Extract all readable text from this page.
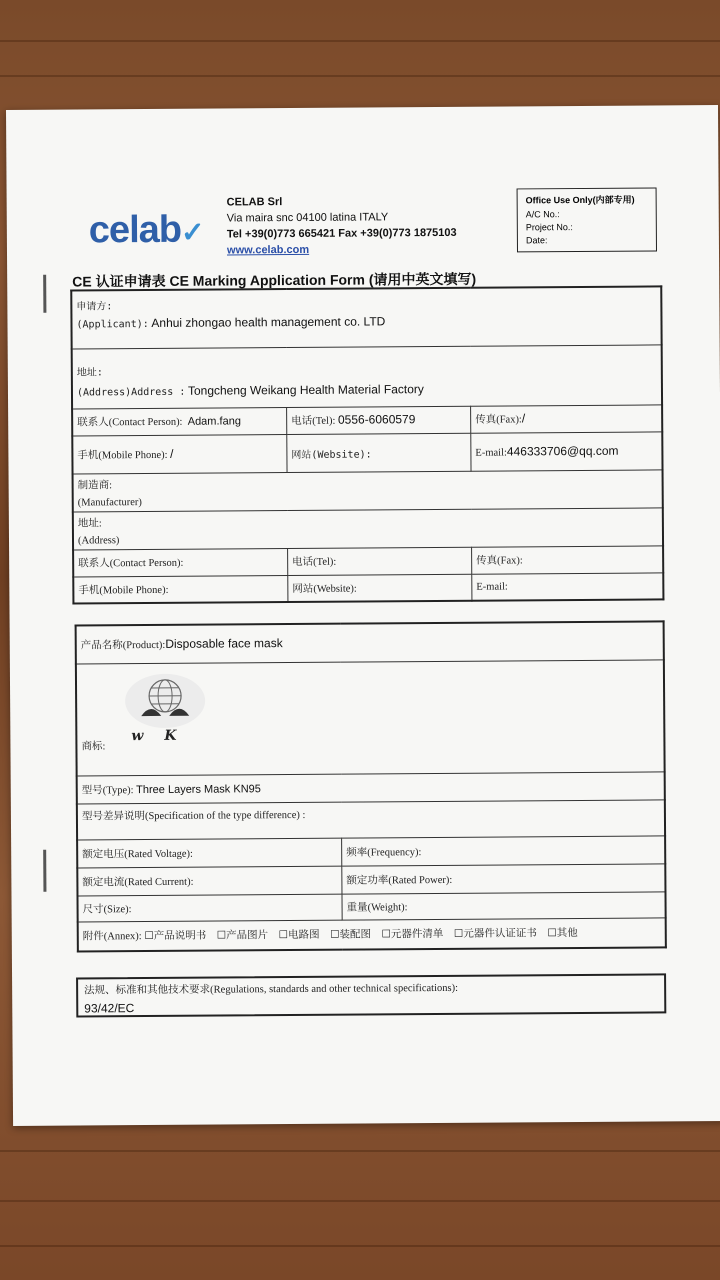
celab✓
CELAB Srl
Via maira snc 04100 latina ITALY
Tel +39(0)773 665421 Fax +39(0)773 1875103
www.celab.com
Office Use Only(内部专用)
A/C No.:
Project No.:
Date:
CE 认证申请表 CE Marking Application Form (请用中英文填写)
申请方:
(Applicant): Anhui zhongao health management co. LTD		

地址:
(Address)Address : Tongcheng Weikang Health Material Factory		

联系人(Contact Person): Adam.fang	电话(Tel): 0556-6060579	传真(Fax):/
手机(Mobile Phone): /	网站(Website):	E-mail:446333706@qq.com

制造商:
(Manufacturer)		

地址:
(Address)		

联系人(Contact Person):	电话(Tel):	传真(Fax):
手机(Mobile Phone):	网站(Website):	E-mail:
产品名称(Product):Disposable face mask	
商标:
w K	

型号(Type): Three Layers Mask KN95	
型号差异说明(Specification of the type difference) :	
额定电压(Rated Voltage):	频率(Frequency):
额定电流(Rated Current):	额定功率(Rated Power):
尺寸(Size):	重量(Weight):
附件(Annex): ☐产品说明书 ☐产品图片 ☐电路图 ☐装配图 ☐元器件清单 ☐元器件认证证书 ☐其他	
法规、标准和其他技术要求(Regulations, standards and other technical specifications):
93/42/EC
